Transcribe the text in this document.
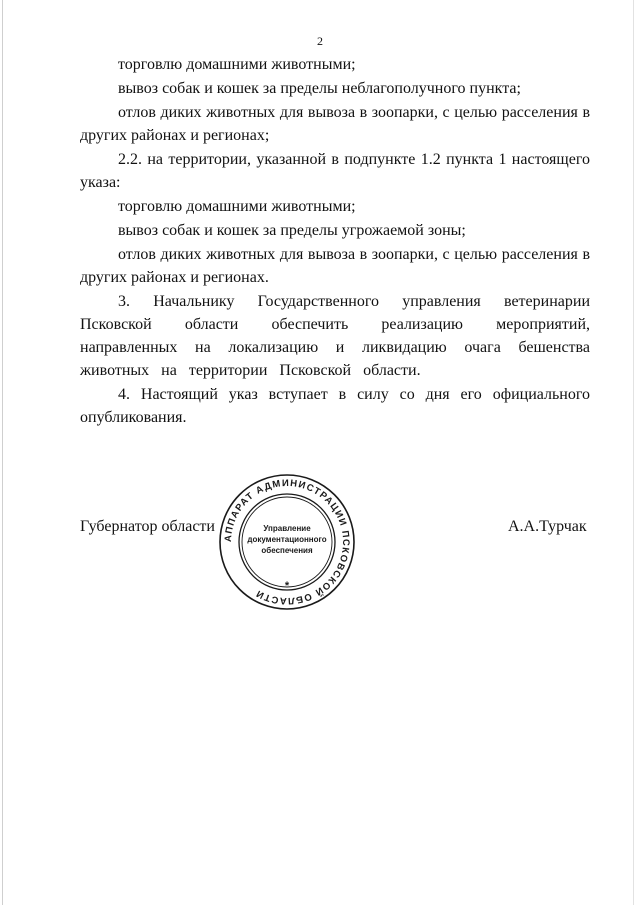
2

торговлю домашними животными;

вывоз собак и кошек за пределы неблагополучного пункта;

отлов диких животных для вывоза в зоопарки, с целью расселения в других районах и регионах;

2.2. на территории, указанной в подпункте 1.2 пункта 1 настоящего указа:

торговлю домашними животными;

вывоз собак и кошек за пределы угрожаемой зоны;

отлов диких животных для вывоза в зоопарки, с целью расселения в других районах и регионах.

3. Начальнику Государственного управления ветеринарии Псковской области обеспечить реализацию мероприятий, направленных на локализацию и ликвидацию очага бешенства животных на территории Псковской области.

4. Настоящий указ вступает в силу со дня его официального опубликования.

Губернатор области	А.А.Турчак
АППАРАТ АДМИНИСТРАЦИИ ПСКОВСКОЙ ОБЛАСТИ
Управление
документационного
обеспечения
*
